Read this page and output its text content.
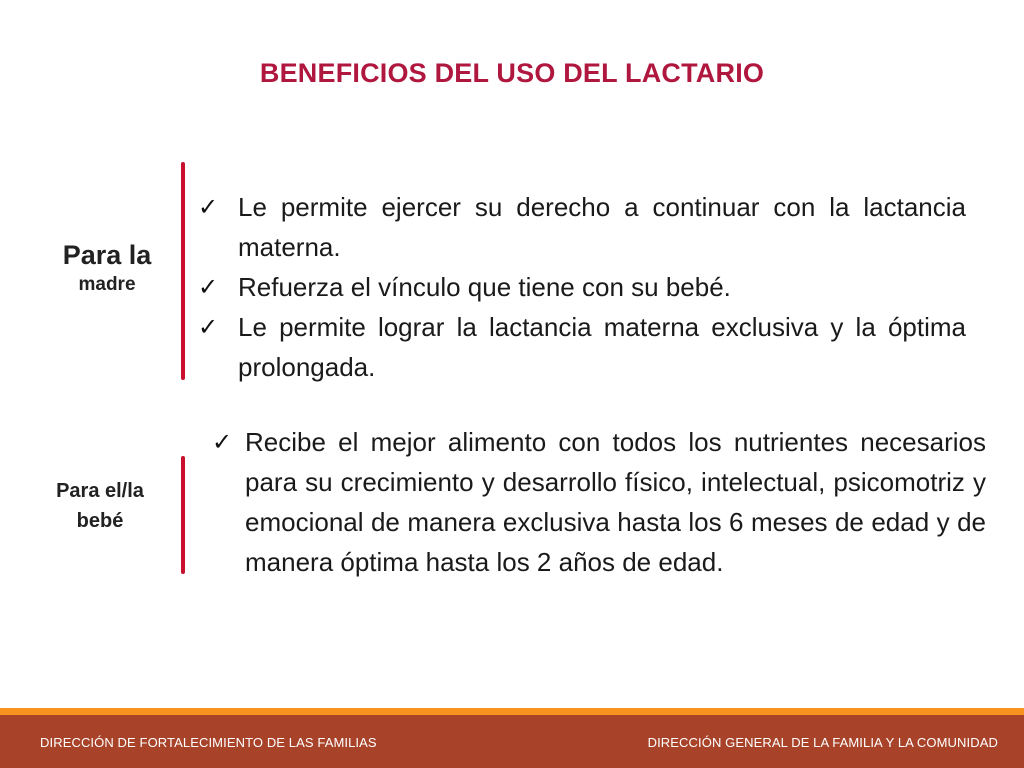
BENEFICIOS DEL USO DEL LACTARIO
Para la
madre
✓ Le permite ejercer su derecho a continuar con la lactancia materna.
✓ Refuerza el vínculo que tiene con su bebé.
✓ Le permite lograr la lactancia materna exclusiva y la óptima prolongada.
Para el/la
bebé
✓ Recibe el mejor alimento con todos los nutrientes necesarios para su crecimiento y desarrollo físico, intelectual, psicomotriz y emocional de manera exclusiva hasta los 6 meses de edad y de manera óptima hasta los 2 años de edad.
DIRECCIÓN DE FORTALECIMIENTO DE LAS FAMILIAS	DIRECCIÓN GENERAL DE LA FAMILIA Y LA COMUNIDAD
